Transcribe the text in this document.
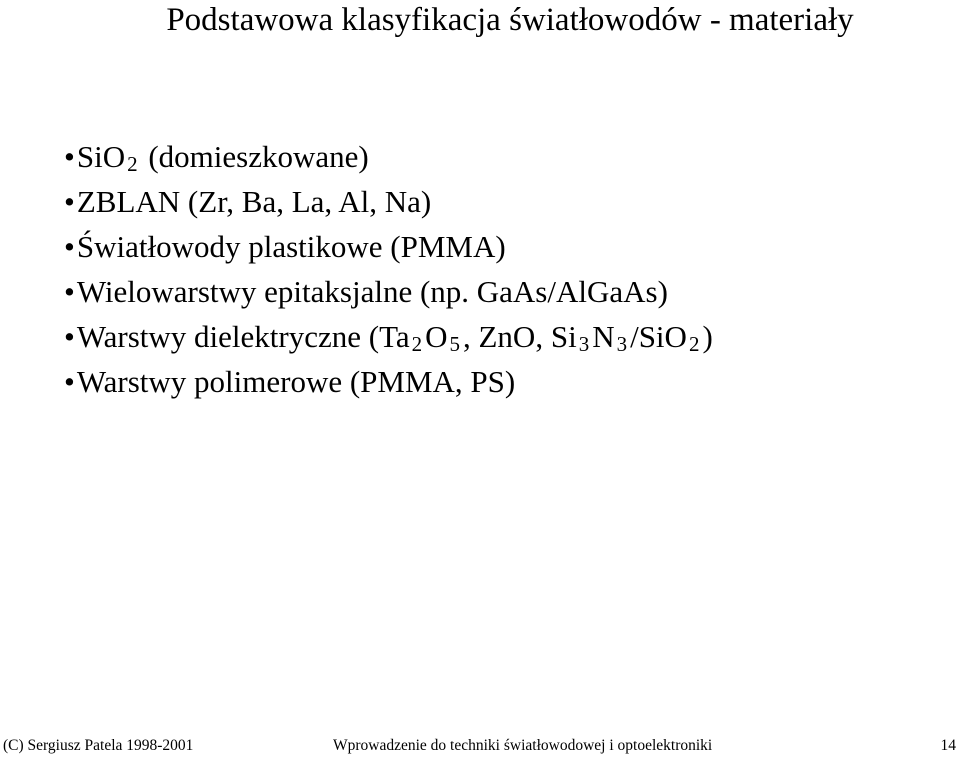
Podstawowa klasyfikacja światłowodów - materiały
•SiO$_2$ (domieszkowane)
•ZBLAN (Zr, Ba, La, Al, Na)
•Światłowody plastikowe (PMMA)
•Wielowarstwy epitaksjalne (np. GaAs/AlGaAs)
•Warstwy dielektryczne ($Ta_2O_5$, ZnO, $Si_3N_3/SiO_2$)
•Warstwy polimerowe (PMMA, PS)
(C) Sergiusz Patela 1998-2001	Wprowadzenie do techniki światłowodowej i optoelektroniki	14
